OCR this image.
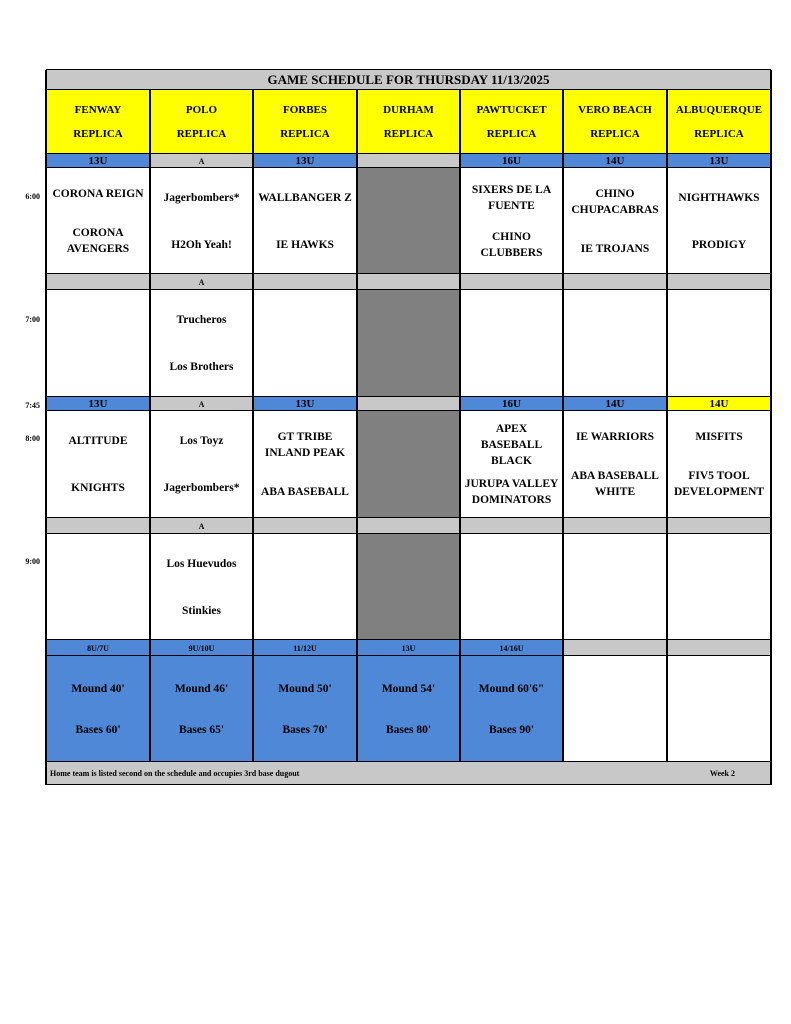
6:00
7:00
7:45
8:00
9:00
GAME SCHEDULE FOR THURSDAY 11/13/2025
FENWAY
REPLICA
POLO
REPLICA
FORBES
REPLICA
DURHAM
REPLICA
PAWTUCKET
REPLICA
VERO BEACH
REPLICA
ALBUQUERQUE
REPLICA
13U
CORONA REIGN
CORONA AVENGERS
A
Jagerbombers*
H2Oh Yeah!
13U
WALLBANGER Z
IE HAWKS
16U
SIXERS DE LA FUENTE
CHINO CLUBBERS
14U
CHINO CHUPACABRAS
IE TROJANS
13U
NIGHTHAWKS
PRODIGY
A
Trucheros
Los Brothers
13U
ALTITUDE
KNIGHTS
A
Los Toyz
Jagerbombers*
13U
GT TRIBE INLAND PEAK
ABA BASEBALL
16U
APEX BASEBALL BLACK
JURUPA VALLEY DOMINATORS
14U
IE WARRIORS
ABA BASEBALL WHITE
14U
MISFITS
FIV5 TOOL DEVELOPMENT
A
Los Huevudos
Stinkies
8U/7U
Mound 40'
Bases 60'
9U/10U
Mound 46'
Bases 65'
11/12U
Mound 50'
Bases 70'
13U
Mound 54'
Bases 80'
14/16U
Mound 60'6"
Bases 90'
Home team is listed second on the schedule and occupies 3rd base dugout	Week 2
